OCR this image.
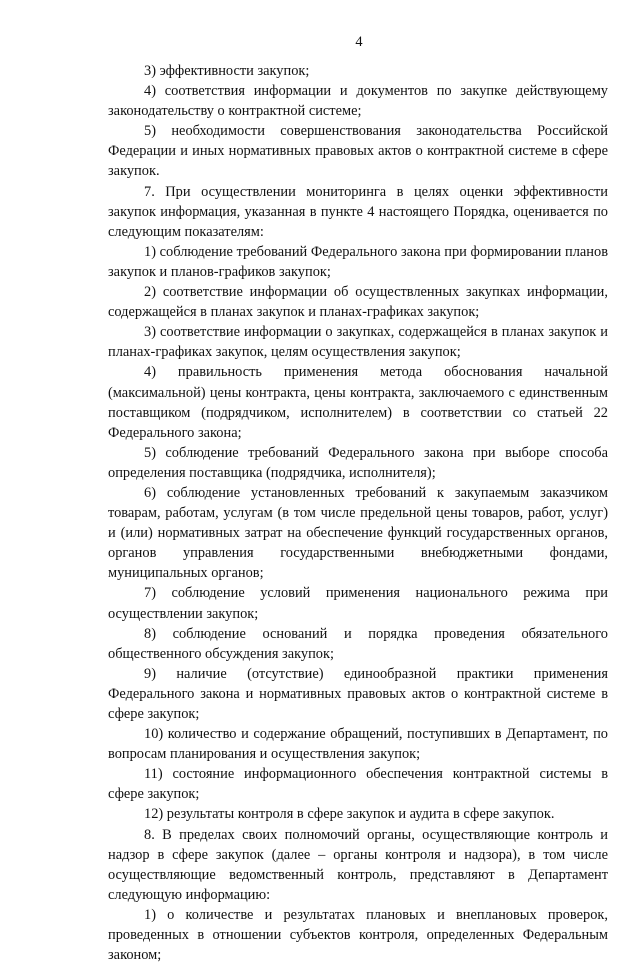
4

3) эффективности закупок;

4) соответствия информации и документов по закупке действующему законодательству о контрактной системе;

5) необходимости совершенствования законодательства Российской Федерации и иных нормативных правовых актов о контрактной системе в сфере закупок.

7. При осуществлении мониторинга в целях оценки эффективности закупок информация, указанная в пункте 4 настоящего Порядка, оценивается по следующим показателям:

1) соблюдение требований Федерального закона при формировании планов закупок и планов-графиков закупок;

2) соответствие информации об осуществленных закупках информации, содержащейся в планах закупок и планах-графиках закупок;

3) соответствие информации о закупках, содержащейся в планах закупок и планах-графиках закупок, целям осуществления закупок;

4) правильность применения метода обоснования начальной (максимальной) цены контракта, цены контракта, заключаемого с единственным поставщиком (подрядчиком, исполнителем) в соответствии со статьей 22 Федерального закона;

5) соблюдение требований Федерального закона при выборе способа определения поставщика (подрядчика, исполнителя);

6) соблюдение установленных требований к закупаемым заказчиком товарам, работам, услугам (в том числе предельной цены товаров, работ, услуг) и (или) нормативных затрат на обеспечение функций государственных органов, органов управления государственными внебюджетными фондами, муниципальных органов;

7) соблюдение условий применения национального режима при осуществлении закупок;

8) соблюдение оснований и порядка проведения обязательного общественного обсуждения закупок;

9) наличие (отсутствие) единообразной практики применения Федерального закона и нормативных правовых актов о контрактной системе в сфере закупок;

10) количество и содержание обращений, поступивших в Департамент, по вопросам планирования и осуществления закупок;

11) состояние информационного обеспечения контрактной системы в сфере закупок;

12) результаты контроля в сфере закупок и аудита в сфере закупок.

8. В пределах своих полномочий органы, осуществляющие контроль и надзор в сфере закупок (далее – органы контроля и надзора), в том числе осуществляющие ведомственный контроль, представляют в Департамент следующую информацию:

1) о количестве и результатах плановых и внеплановых проверок, проведенных в отношении субъектов контроля, определенных Федеральным законом;
